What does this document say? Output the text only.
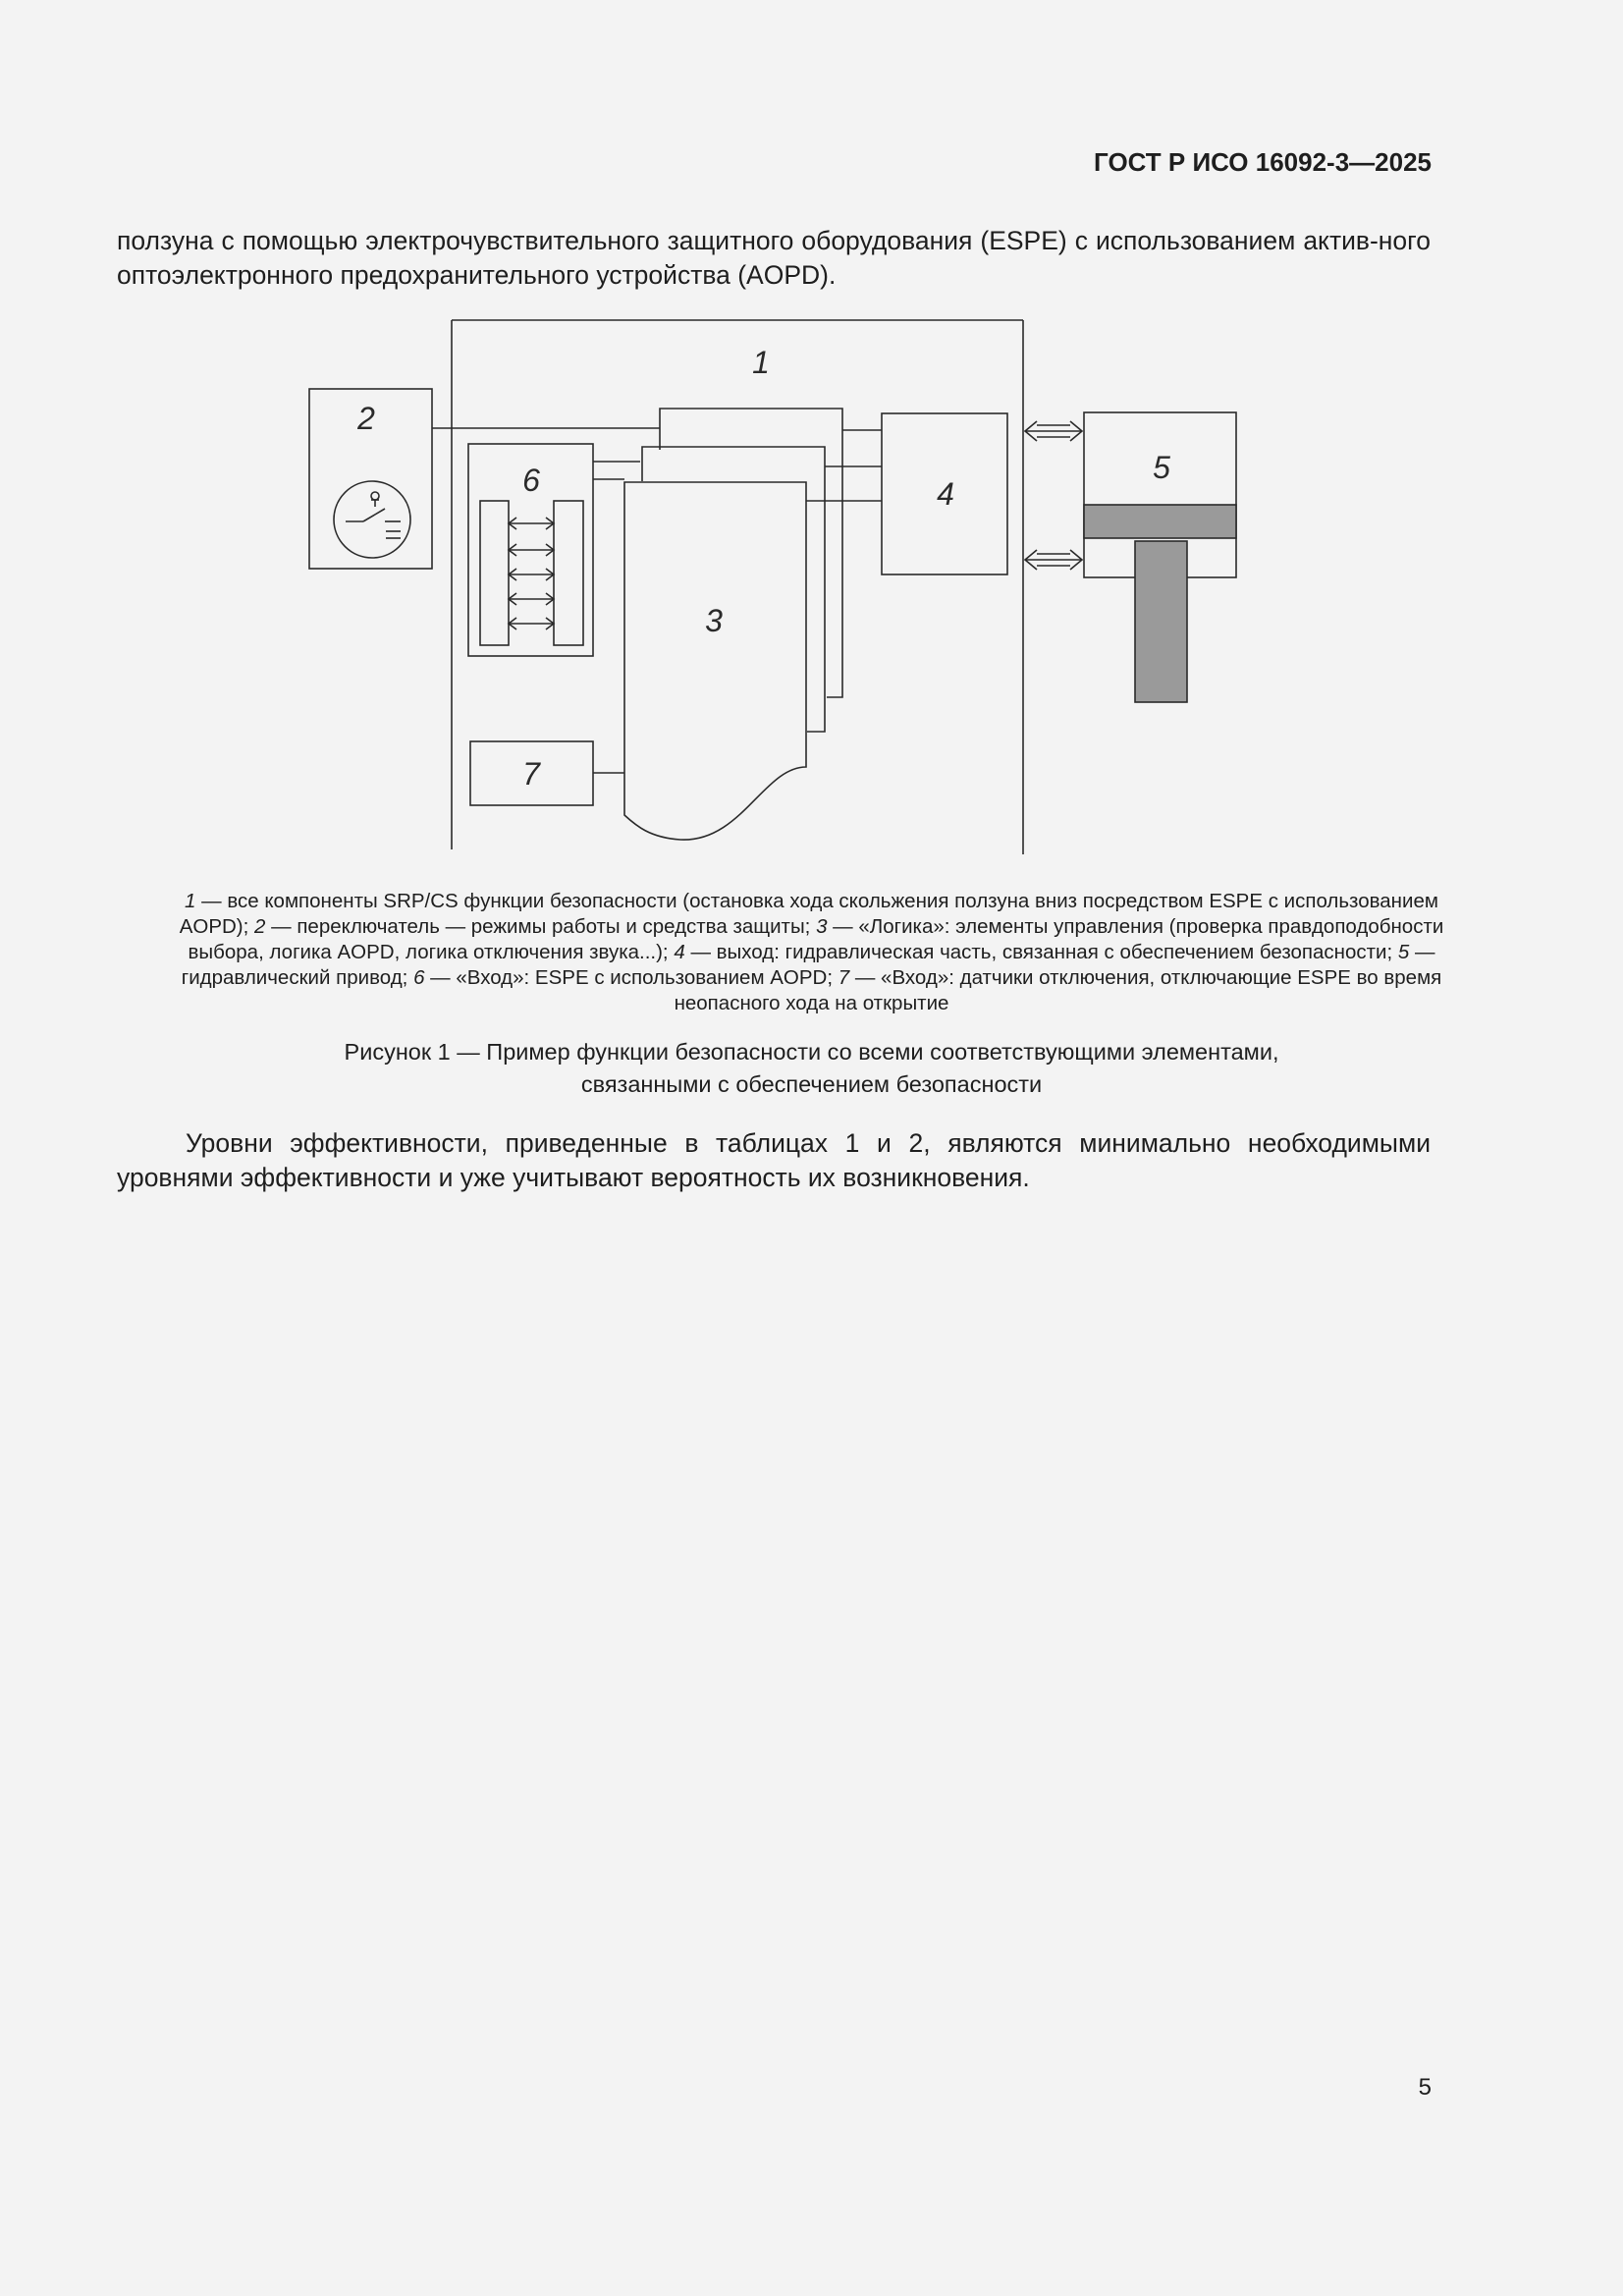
ГОСТ Р ИСО 16092-3—2025
ползуна с помощью электрочувствительного защитного оборудования (ESPE) с использованием актив-ного оптоэлектронного предохранительного устройства (AOPD).
1
2
6	4
5
3
7
1 — все компоненты SRP/CS функции безопасности (остановка хода скольжения ползуна вниз посредством ESPE с использованием AOPD); 2 — переключатель — режимы работы и средства защиты; 3 — «Логика»: элементы управления (проверка правдоподобности выбора, логика AOPD, логика отключения звука...); 4 — выход: гидравлическая часть, связанная с обеспечением безопасности; 5 — гидравлический привод; 6 — «Вход»: ESPE с использованием AOPD; 7 — «Вход»: датчики отключения, отключающие ESPE во время неопасного хода на открытие
Рисунок 1 — Пример функции безопасности со всеми соответствующими элементами,
связанными с обеспечением безопасности
Уровни эффективности, приведенные в таблицах 1 и 2, являются минимально необходимыми уровнями эффективности и уже учитывают вероятность их возникновения.
5
